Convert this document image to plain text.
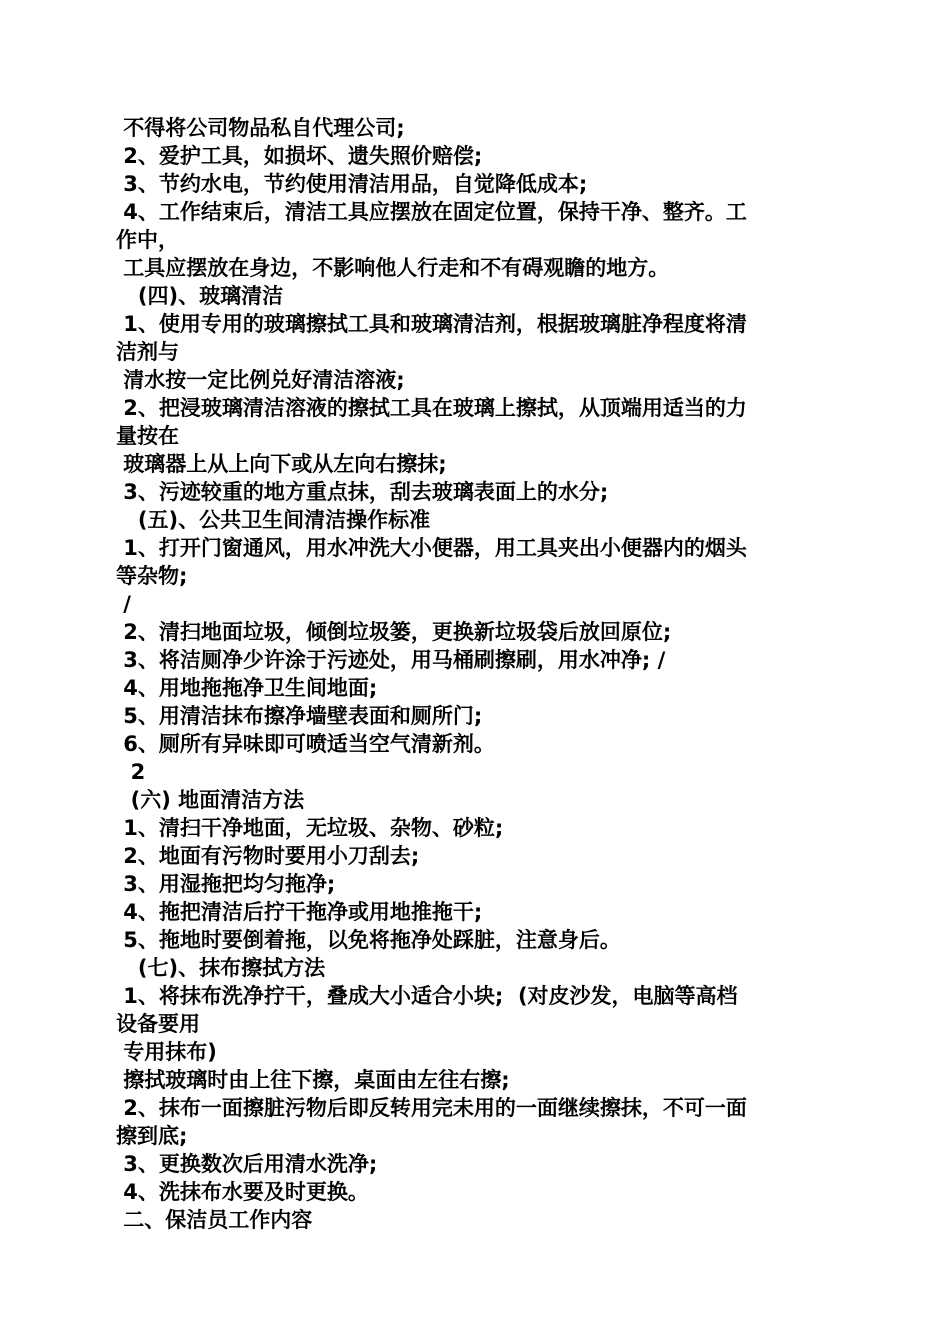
不得将公司物品私自代理公司;
2、爱护工具，如损坏、遗失照价赔偿;
3、节约水电，节约使用清洁用品，自觉降低成本;
4、工作结束后，清洁工具应摆放在固定位置，保持干净、整齐。工
作中，
工具应摆放在身边，不影响他人行走和不有碍观瞻的地方。
(四)、玻璃清洁
1、使用专用的玻璃擦拭工具和玻璃清洁剂，根据玻璃脏净程度将清
洁剂与
清水按一定比例兑好清洁溶液;
2、把浸玻璃清洁溶液的擦拭工具在玻璃上擦拭，从顶端用适当的力
量按在
玻璃器上从上向下或从左向右擦抹;
3、污迹较重的地方重点抹，刮去玻璃表面上的水分;
(五)、公共卫生间清洁操作标准
1、打开门窗通风，用水冲洗大小便器，用工具夹出小便器内的烟头
等杂物;
/
2、清扫地面垃圾，倾倒垃圾篓，更换新垃圾袋后放回原位;
3、将洁厕净少许涂于污迹处，用马桶刷擦刷，用水冲净; /
4、用地拖拖净卫生间地面;
5、用清洁抹布擦净墙壁表面和厕所门;
6、厕所有异味即可喷适当空气清新剂。
2
(六) 地面清洁方法
1、清扫干净地面，无垃圾、杂物、砂粒;
2、地面有污物时要用小刀刮去;
3、用湿拖把均匀拖净;
4、拖把清洁后拧干拖净或用地推拖干;
5、拖地时要倒着拖，以免将拖净处踩脏，注意身后。
(七)、抹布擦拭方法
1、将抹布洗净拧干，叠成大小适合小块;  (对皮沙发，电脑等高档
设备要用
专用抹布)
擦拭玻璃时由上往下擦，桌面由左往右擦;
2、抹布一面擦脏污物后即反转用完未用的一面继续擦抹，不可一面
擦到底;
3、更换数次后用清水洗净;
4、洗抹布水要及时更换。
二、保洁员工作内容
